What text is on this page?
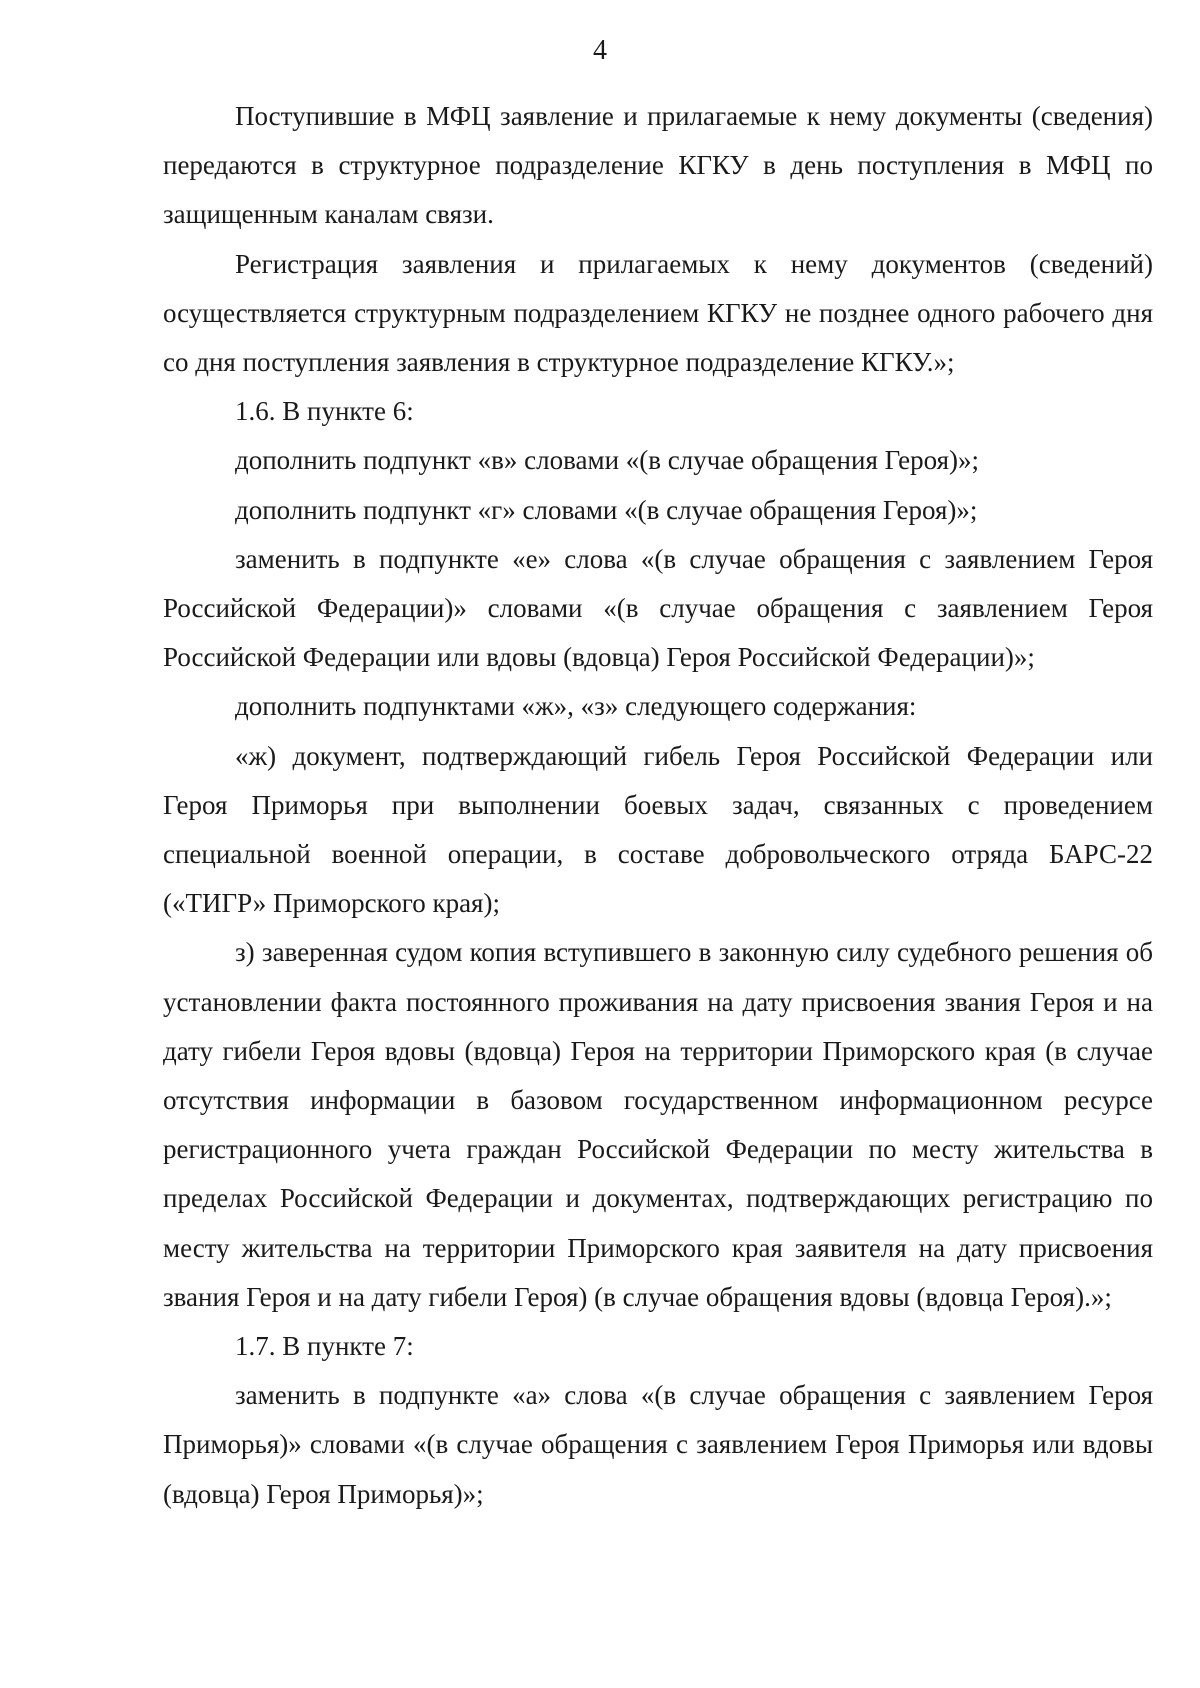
4

Поступившие в МФЦ заявление и прилагаемые к нему документы (сведения) передаются в структурное подразделение КГКУ в день поступления в МФЦ по защищенным каналам связи.

Регистрация заявления и прилагаемых к нему документов (сведений) осуществляется структурным подразделением КГКУ не позднее одного рабочего дня со дня поступления заявления в структурное подразделение КГКУ.»;

1.6. В пункте 6:

дополнить подпункт «в» словами «(в случае обращения Героя)»;

дополнить подпункт «г» словами «(в случае обращения Героя)»;

заменить в подпункте «е» слова «(в случае обращения с заявлением Героя Российской Федерации)» словами «(в случае обращения с заявлением Героя Российской Федерации или вдовы (вдовца) Героя Российской Федерации)»;

дополнить подпунктами «ж», «з» следующего содержания:

«ж) документ, подтверждающий гибель Героя Российской Федерации или Героя Приморья при выполнении боевых задач, связанных с проведением специальной военной операции, в составе добровольческого отряда БАРС-22 («ТИГР» Приморского края);

з) заверенная судом копия вступившего в законную силу судебного решения об установлении факта постоянного проживания на дату присвоения звания Героя и на дату гибели Героя вдовы (вдовца) Героя на территории Приморского края (в случае отсутствия информации в базовом государственном информационном ресурсе регистрационного учета граждан Российской Федерации по месту жительства в пределах Российской Федерации и документах, подтверждающих регистрацию по месту жительства на территории Приморского края заявителя на дату присвоения звания Героя и на дату гибели Героя) (в случае обращения вдовы (вдовца Героя).»;

1.7. В пункте 7:

заменить в подпункте «а» слова «(в случае обращения с заявлением Героя Приморья)» словами «(в случае обращения с заявлением Героя Приморья или вдовы (вдовца) Героя Приморья)»;
